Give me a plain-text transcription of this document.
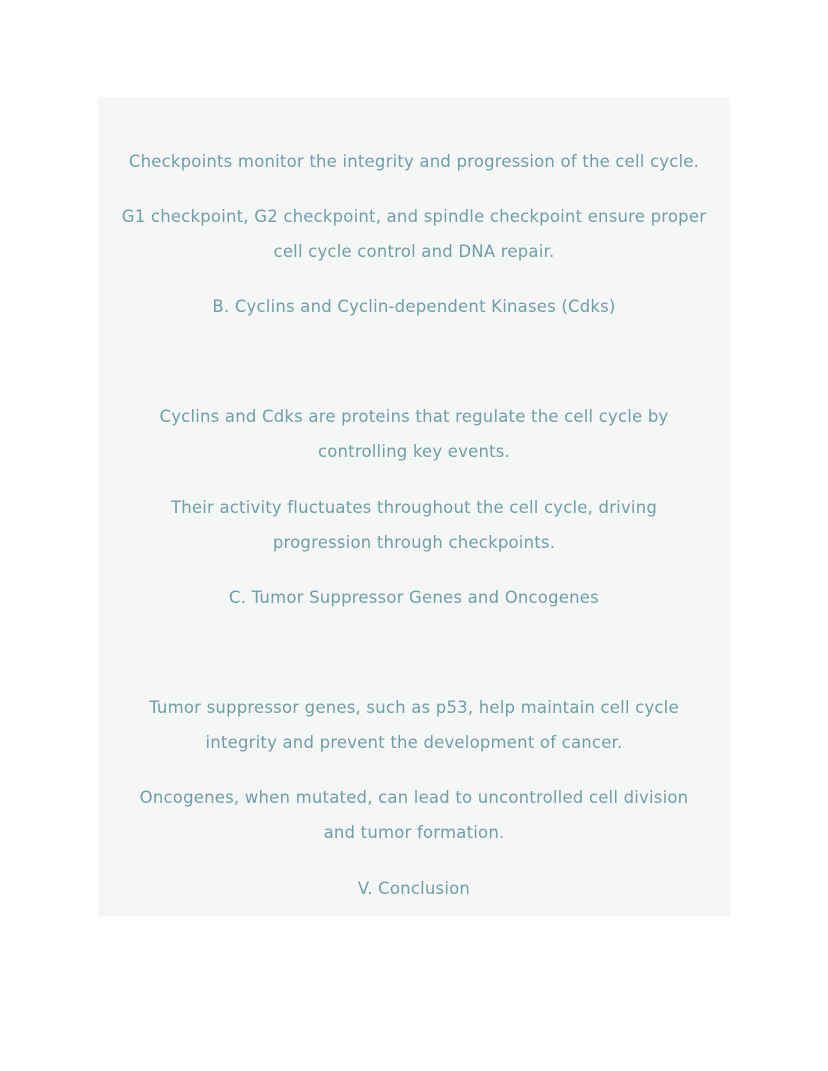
Checkpoints monitor the integrity and progression of the cell cycle.
G1 checkpoint, G2 checkpoint, and spindle checkpoint ensure proper
cell cycle control and DNA repair.
B. Cyclins and Cyclin-dependent Kinases (Cdks)
Cyclins and Cdks are proteins that regulate the cell cycle by
controlling key events.
Their activity fluctuates throughout the cell cycle, driving
progression through checkpoints.
C. Tumor Suppressor Genes and Oncogenes
Tumor suppressor genes, such as p53, help maintain cell cycle
integrity and prevent the development of cancer.
Oncogenes, when mutated, can lead to uncontrolled cell division
and tumor formation.
V. Conclusion
